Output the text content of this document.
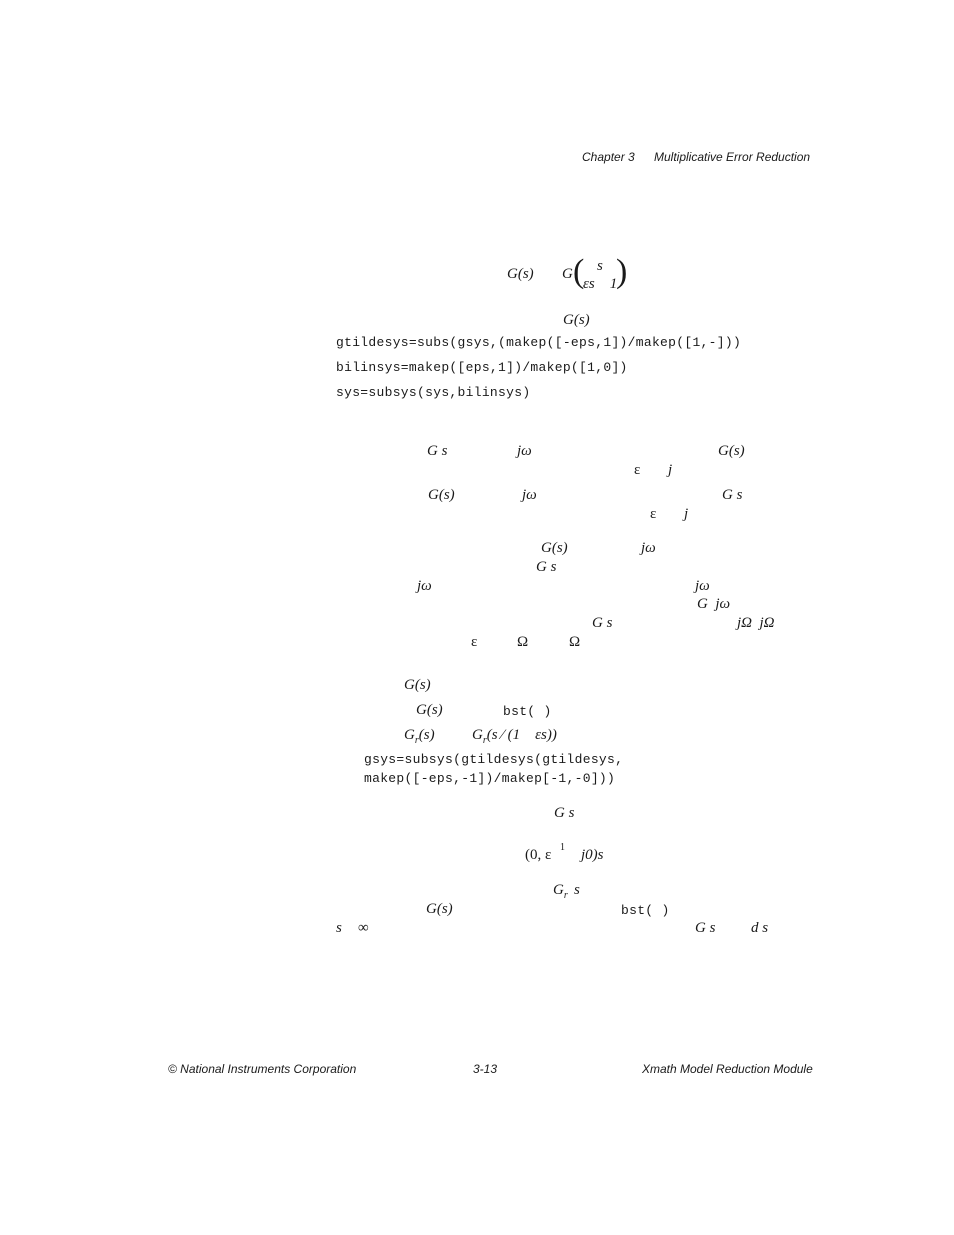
Chapter 3 Multiplicative Error Reduction
G(s) G ( s
εs    1
)
G(s)
gtildesys=subs(gsys,(makep([-eps,1])/makep([1,-]))
bilinsys=makep([eps,1])/makep([1,0])
sys=subsys(sys,bilinsys)
G s	jω	G(s)
ε j
G(s)	jω	G s
ε j
G(s)	jω
G s
jω	jω
G  jω
G s	jΩ  jΩ
ε	Ω	Ω
G(s)
G(s)	bst( )
$G_r(s)$ $G_r(s$ ⁄ (1    εs))
gsys=subsys(gtildesys(gtildesys,
makep([-eps,-1])/makep[-1,-0]))
G s
(0, ε 1 j0)s
$G_r$ s
G(s)	bst( )
s ∞	G s d s
© National Instruments Corporation	3-13	Xmath Model Reduction Module
